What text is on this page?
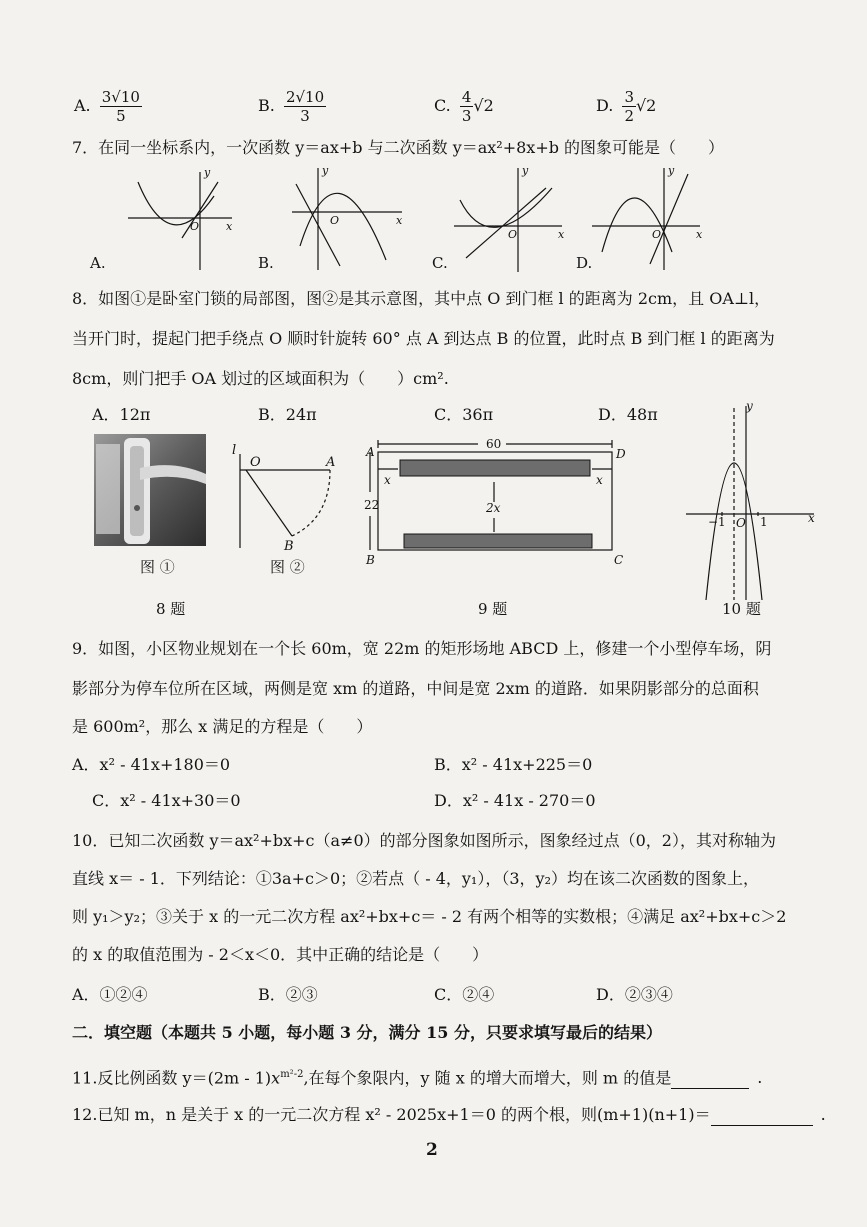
A. $\frac{3√10}{5}$	B. $\frac{2√10}{3}$	C. $\frac{4}{3} √2$	D. $\frac{3}{2} √2$
7．在同一坐标系内，一次函数 y＝ax+b 与二次函数 y＝ax²+8x+b 的图象可能是（　　）
y
x
O
y
x
O
y
x
O
y
x
O
A.	B.	C.	D.
8．如图①是卧室门锁的局部图，图②是其示意图，其中点 O 到门框 l 的距离为 2cm，且 OA⊥l，
当开门时，提起门把手绕点 O 顺时针旋转 60° 点 A 到达点 B 的位置，此时点 B 到门框 l 的距离为
8cm，则门把手 OA 划过的区域面积为（　　）cm².
A．12π	B．24π	C．36π	D．48π
l
O	A
B
图 ①	图 ②
60
22	2x
x	x
A
B	C
D
y
x
−1 O 1
8 题	9 题	10 题
9．如图，小区物业规划在一个长 60m，宽 22m 的矩形场地 ABCD 上，修建一个小型停车场，阴
影部分为停车位所在区域，两侧是宽 xm 的道路，中间是宽 2xm 的道路．如果阴影部分的总面积
是 600m²，那么 x 满足的方程是（　　）
A．x² - 41x+180＝0	B．x² - 41x+225＝0
C．x² - 41x+30＝0	D．x² - 41x - 270＝0
10．已知二次函数 y＝ax²+bx+c（a≠0）的部分图象如图所示，图象经过点（0，2），其对称轴为
直线 x＝ - 1．下列结论：①3a+c＞0；②若点（ - 4，y₁），（3，y₂）均在该二次函数的图象上，
则 y₁＞y₂；③关于 x 的一元二次方程 ax²+bx+c＝ - 2 有两个相等的实数根；④满足 ax²+bx+c＞2
的 x 的取值范围为 - 2＜x＜0．其中正确的结论是（　　）
A．①②④	B．②③	C．②④	D．②③④
二．填空题（本题共 5 小题，每小题 3 分，满分 15 分，只要求填写最后的结果）
11.反比例函数 $y=(2m - 1)x^{m^2-2}$,在每个象限内，y 随 x 的增大而增大，则 m 的值是	.
12.已知 m，n 是关于 x 的一元二次方程 x² - 2025x+1＝0 的两个根，则(m+1)(n+1)＝	.
2
